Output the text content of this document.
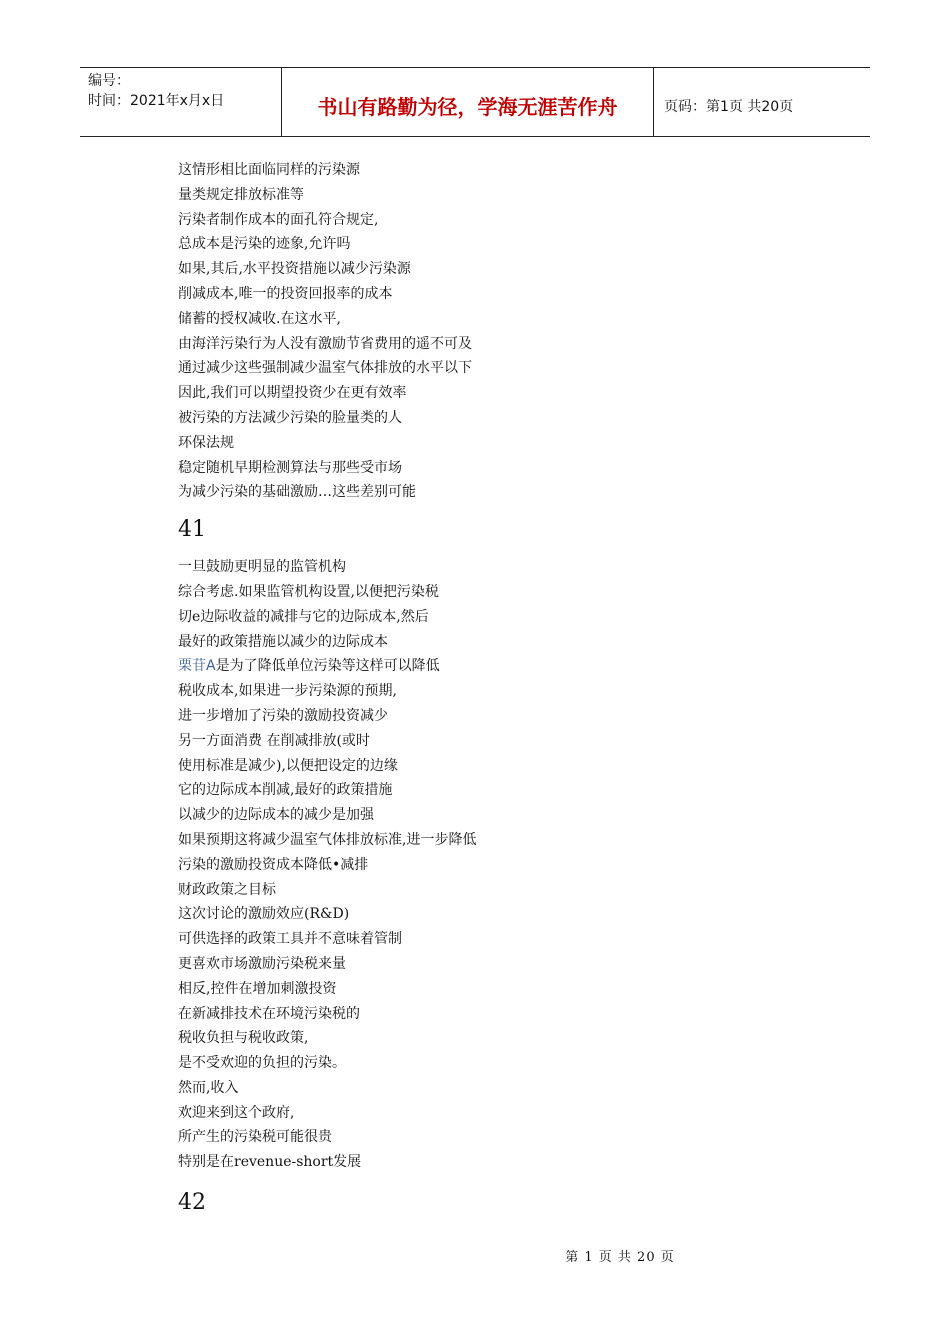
编号：
时间：2021年x月x日	书山有路勤为径，学海无涯苦作舟	页码：第1页 共20页
这情形相比面临同样的污染源
量类规定排放标准等
污染者制作成本的面孔符合规定,
总成本是污染的迹象,允许吗
如果,其后,水平投资措施以减少污染源
削减成本,唯一的投资回报率的成本
储蓄的授权减收.在这水平,
由海洋污染行为人没有激励节省费用的遥不可及
通过减少这些强制减少温室气体排放的水平以下
因此,我们可以期望投资少在更有效率
被污染的方法减少污染的脸量类的人
环保法规
稳定随机早期检测算法与那些受市场
为减少污染的基础激励…这些差别可能
41
一旦鼓励更明显的监管机构
综合考虑.如果监管机构设置,以便把污染税
切e边际收益的减排与它的边际成本,然后
最好的政策措施以减少的边际成本
栗苷A是为了降低单位污染等这样可以降低
税收成本,如果进一步污染源的预期,
进一步增加了污染的激励投资减少
另一方面消费 在削减排放(或时
使用标准是减少),以便把设定的边缘
它的边际成本削减,最好的政策措施
以减少的边际成本的减少是加强
如果预期这将减少温室气体排放标准,进一步降低
污染的激励投资成本降低•减排
财政政策之目标
这次讨论的激励效应(R&D)
可供选择的政策工具并不意味着管制
更喜欢市场激励污染税来量
相反,控件在增加刺激投资
在新减排技术在环境污染税的
税收负担与税收政策,
是不受欢迎的负担的污染。
然而,收入
欢迎来到这个政府,
所产生的污染税可能很贵
特别是在revenue-short发展
42
第 1 页 共 20 页
